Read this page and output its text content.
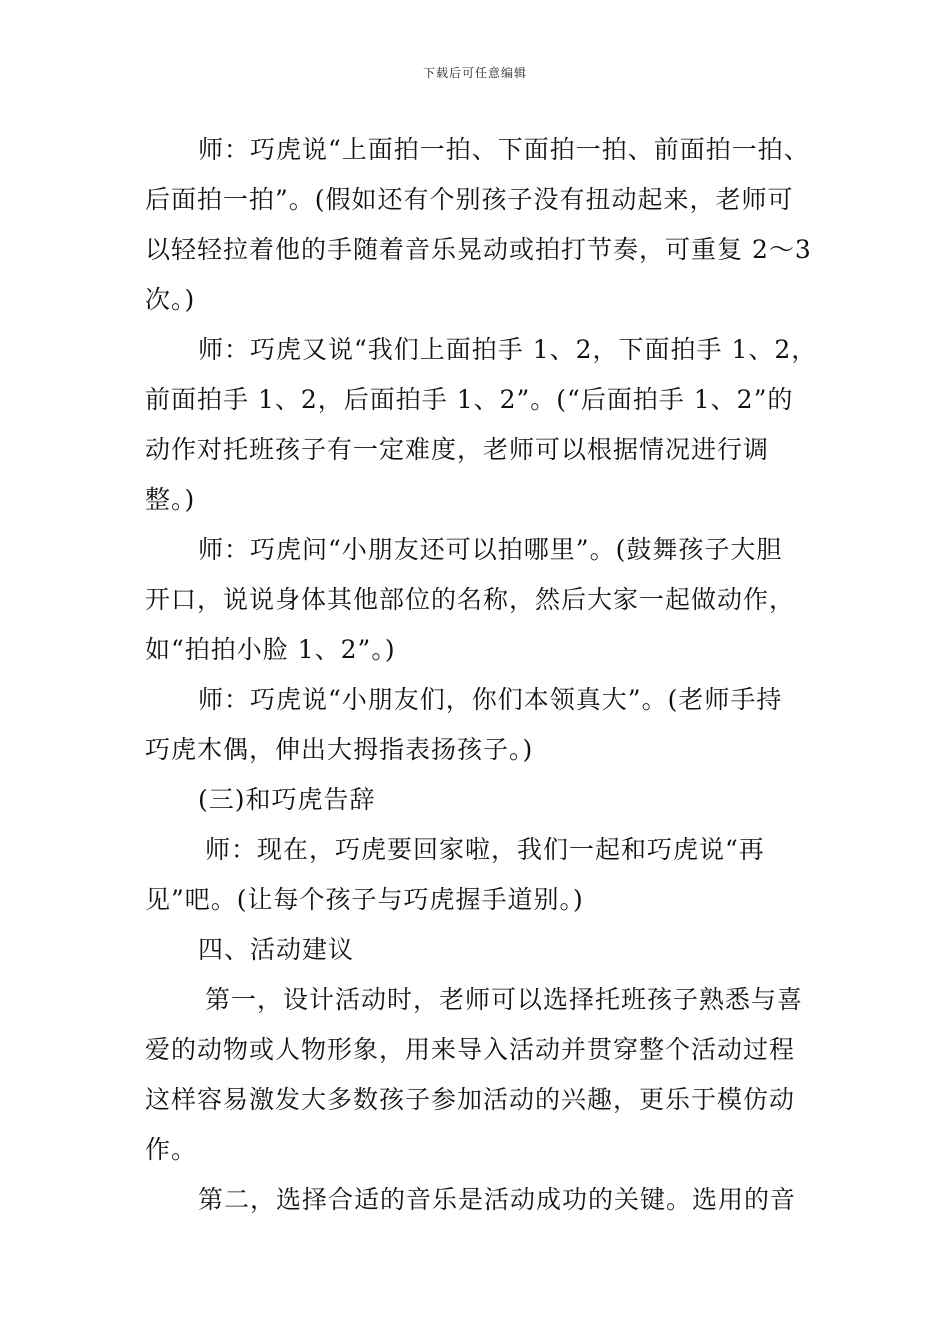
下载后可任意编辑
师：巧虎说“上面拍一拍、下面拍一拍、前面拍一拍、
后面拍一拍”。(假如还有个别孩子没有扭动起来，老师可
以轻轻拉着他的手随着音乐晃动或拍打节奏，可重复 2～3
次。)
师：巧虎又说“我们上面拍手 1、2，下面拍手 1、2，
前面拍手 1、2，后面拍手 1、2”。(“后面拍手 1、2”的
动作对托班孩子有一定难度，老师可以根据情况进行调
整。)
师：巧虎问“小朋友还可以拍哪里”。(鼓舞孩子大胆
开口，说说身体其他部位的名称，然后大家一起做动作，
如“拍拍小脸 1、2”。)
师：巧虎说“小朋友们，你们本领真大”。(老师手持
巧虎木偶，伸出大拇指表扬孩子。)
(三)和巧虎告辞
师：现在，巧虎要回家啦，我们一起和巧虎说“再
见”吧。(让每个孩子与巧虎握手道别。)
四、活动建议
第一，设计活动时，老师可以选择托班孩子熟悉与喜
爱的动物或人物形象，用来导入活动并贯穿整个活动过程
这样容易激发大多数孩子参加活动的兴趣，更乐于模仿动
作。
第二，选择合适的音乐是活动成功的关键。选用的音
